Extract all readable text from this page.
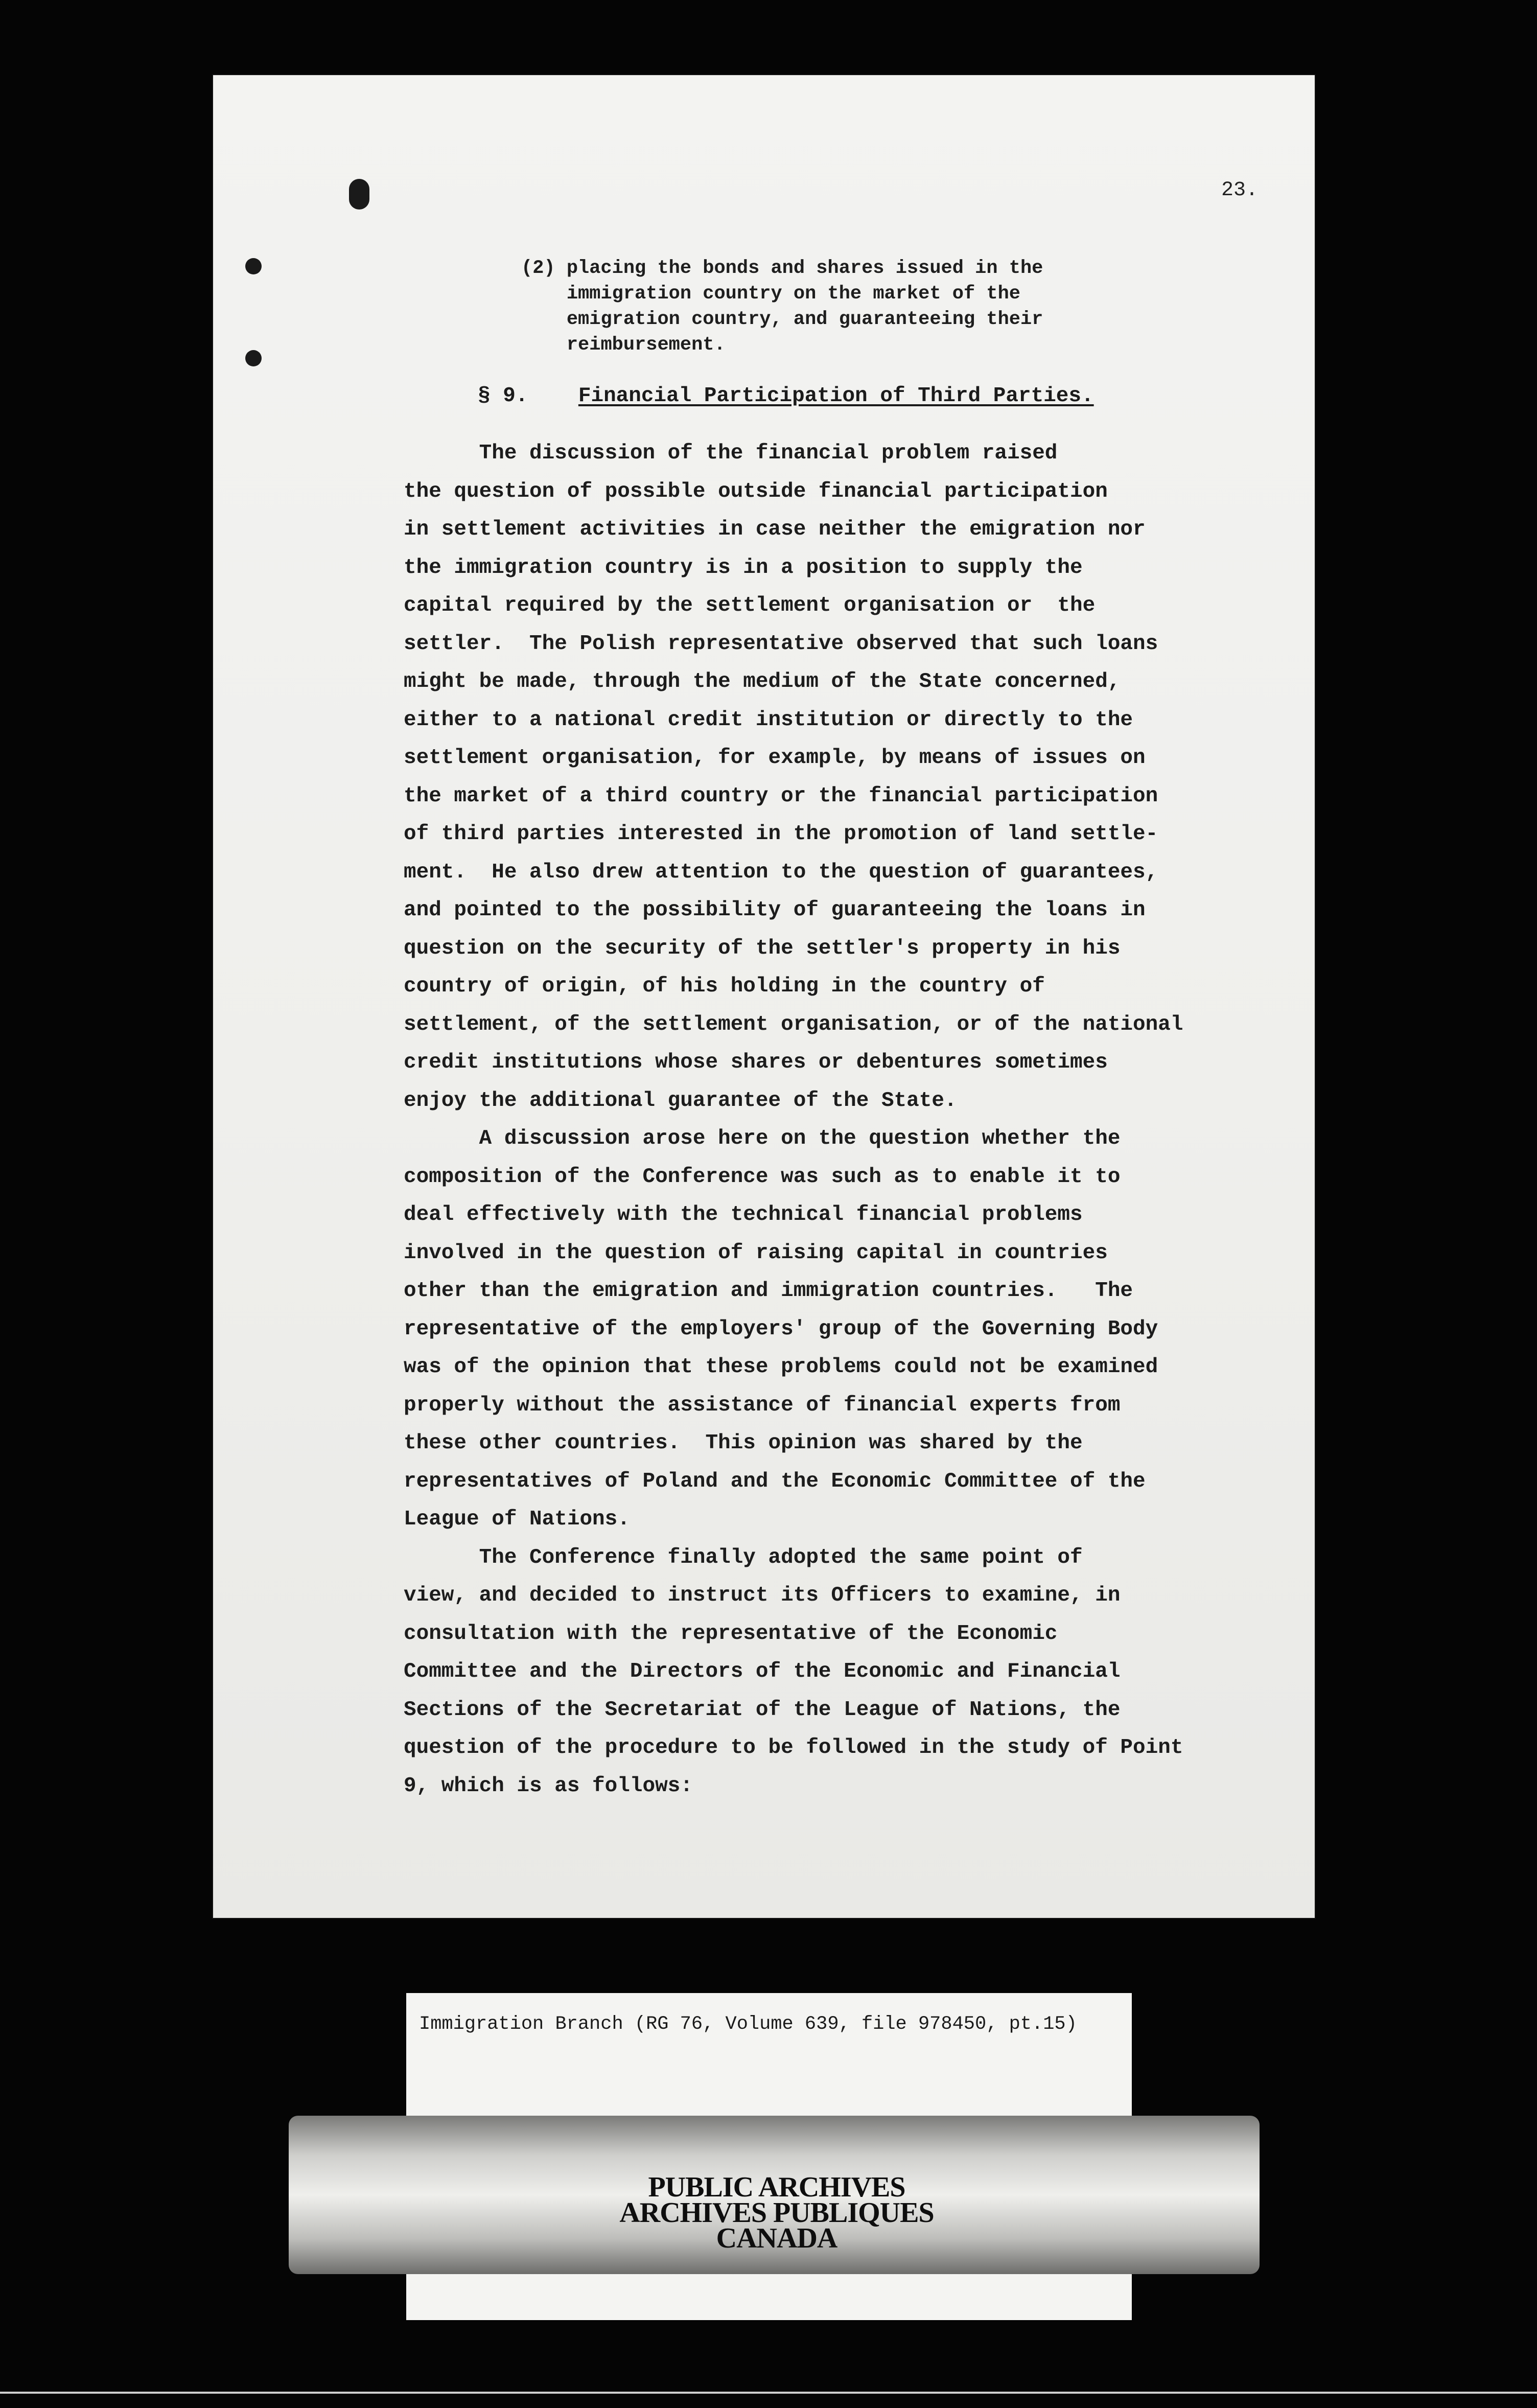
23.
(2) placing the bonds and shares issued in the
immigration country on the market of the
emigration country, and guaranteeing their
reimbursement.
§ 9. Financial Participation of Third Parties.
The discussion of the financial problem raised
the question of possible outside financial participation
in settlement activities in case neither the emigration nor
the immigration country is in a position to supply the
capital required by the settlement organisation or  the
settler.  The Polish representative observed that such loans
might be made, through the medium of the State concerned,
either to a national credit institution or directly to the
settlement organisation, for example, by means of issues on
the market of a third country or the financial participation
of third parties interested in the promotion of land settle-
ment.  He also drew attention to the question of guarantees,
and pointed to the possibility of guaranteeing the loans in
question on the security of the settler's property in his
country of origin, of his holding in the country of
settlement, of the settlement organisation, or of the national
credit institutions whose shares or debentures sometimes
enjoy the additional guarantee of the State.
A discussion arose here on the question whether the
composition of the Conference was such as to enable it to
deal effectively with the technical financial problems
involved in the question of raising capital in countries
other than the emigration and immigration countries.   The
representative of the employers' group of the Governing Body
was of the opinion that these problems could not be examined
properly without the assistance of financial experts from
these other countries.  This opinion was shared by the
representatives of Poland and the Economic Committee of the
League of Nations.
The Conference finally adopted the same point of
view, and decided to instruct its Officers to examine, in
consultation with the representative of the Economic
Committee and the Directors of the Economic and Financial
Sections of the Secretariat of the League of Nations, the
question of the procedure to be followed in the study of Point
9, which is as follows:
Immigration Branch (RG 76, Volume 639, file 978450, pt.15)
PUBLIC ARCHIVES
ARCHIVES PUBLIQUES
CANADA
